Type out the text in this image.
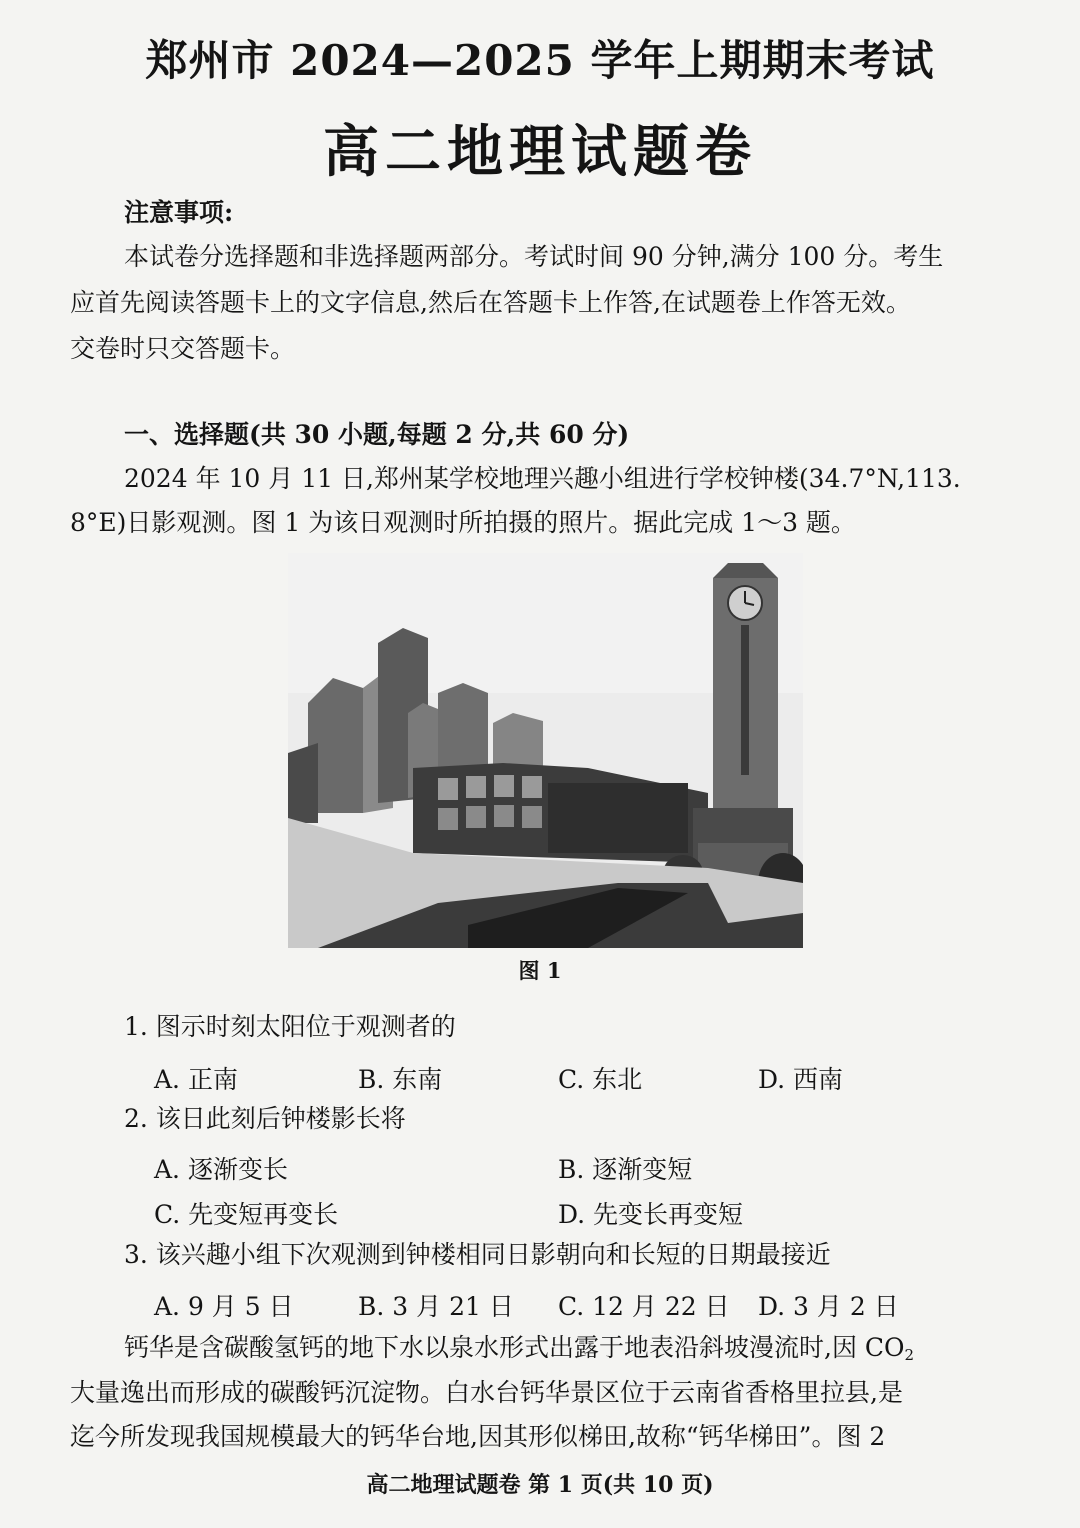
郑州市 2024—2025 学年上期期末考试
高二地理试题卷
注意事项:
本试卷分选择题和非选择题两部分。考试时间 90 分钟,满分 100 分。考生
应首先阅读答题卡上的文字信息,然后在答题卡上作答,在试题卷上作答无效。
交卷时只交答题卡。
一、选择题(共 30 小题,每题 2 分,共 60 分)
2024 年 10 月 11 日,郑州某学校地理兴趣小组进行学校钟楼(34.7°N,113.
8°E)日影观测。图 1 为该日观测时所拍摄的照片。据此完成 1～3 题。
图 1
1. 图示时刻太阳位于观测者的
A. 正南	B. 东南	C. 东北	D. 西南
2. 该日此刻后钟楼影长将
A. 逐渐变长	B. 逐渐变短
C. 先变短再变长	D. 先变长再变短
3. 该兴趣小组下次观测到钟楼相同日影朝向和长短的日期最接近
A. 9 月 5 日	B. 3 月 21 日 C. 12 月 22 日 D. 3 月 2 日
钙华是含碳酸氢钙的地下水以泉水形式出露于地表沿斜坡漫流时,因 $CO_2$
大量逸出而形成的碳酸钙沉淀物。白水台钙华景区位于云南省香格里拉县,是
迄今所发现我国规模最大的钙华台地,因其形似梯田,故称“钙华梯田”。图 2
高二地理试题卷 第 1 页(共 10 页)
